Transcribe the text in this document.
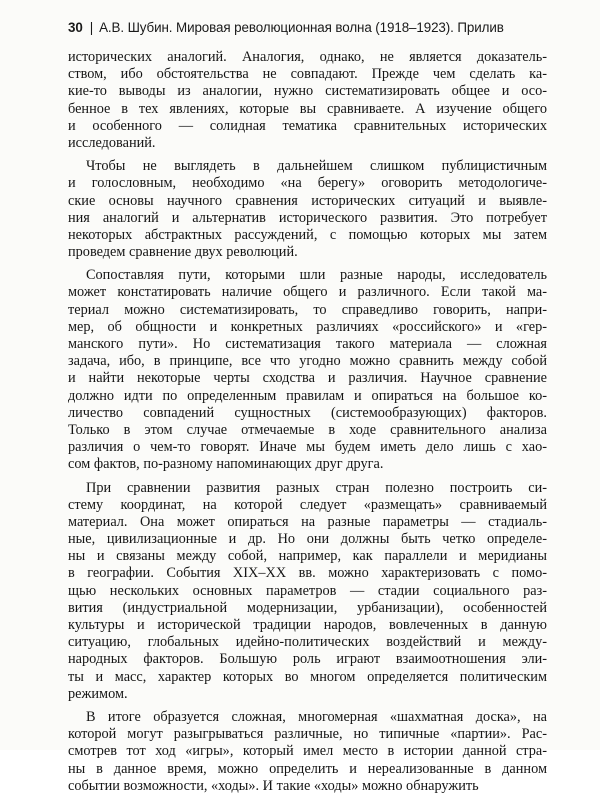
30 | А.В. Шубин. Мировая революционная волна (1918–1923). Прилив
исторических аналогий. Аналогия, однако, не является доказатель-
ством, ибо обстоятельства не совпадают. Прежде чем сделать ка-
кие-то выводы из аналогии, нужно систематизировать общее и осо-
бенное в тех явлениях, которые вы сравниваете. А изучение общего
и особенного — солидная тематика сравнительных исторических
исследований.
Чтобы не выглядеть в дальнейшем слишком публицистичным
и голословным, необходимо «на берегу» оговорить методологиче-
ские основы научного сравнения исторических ситуаций и выявле-
ния аналогий и альтернатив исторического развития. Это потребует
некоторых абстрактных рассуждений, с помощью которых мы затем
проведем сравнение двух революций.
Сопоставляя пути, которыми шли разные народы, исследователь
может констатировать наличие общего и различного. Если такой ма-
териал можно систематизировать, то справедливо говорить, напри-
мер, об общности и конкретных различиях «российского» и «гер-
манского пути». Но систематизация такого материала — сложная
задача, ибо, в принципе, все что угодно можно сравнить между собой
и найти некоторые черты сходства и различия. Научное сравнение
должно идти по определенным правилам и опираться на большое ко-
личество совпадений сущностных (системообразующих) факторов.
Только в этом случае отмечаемые в ходе сравнительного анализа
различия о чем-то говорят. Иначе мы будем иметь дело лишь с хао-
сом фактов, по-разному напоминающих друг друга.
При сравнении развития разных стран полезно построить си-
стему координат, на которой следует «размещать» сравниваемый
материал. Она может опираться на разные параметры — стадиаль-
ные, цивилизационные и др. Но они должны быть четко определе-
ны и связаны между собой, например, как параллели и меридианы
в географии. События XIX–XX вв. можно характеризовать с помо-
щью нескольких основных параметров — стадии социального раз-
вития (индустриальной модернизации, урбанизации), особенностей
культуры и исторической традиции народов, вовлеченных в данную
ситуацию, глобальных идейно-политических воздействий и между-
народных факторов. Большую роль играют взаимоотношения эли-
ты и масс, характер которых во многом определяется политическим
режимом.
В итоге образуется сложная, многомерная «шахматная доска», на
которой могут разыгрываться различные, но типичные «партии». Рас-
смотрев тот ход «игры», который имел место в истории данной стра-
ны в данное время, можно определить и нереализованные в данном
событии возможности, «ходы». И такие «ходы» можно обнаружить
